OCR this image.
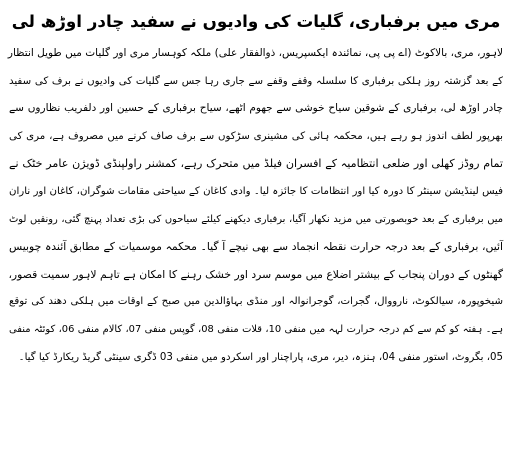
مری میں برفباری، گلیات کی وادیوں نے سفید چادر اوڑھ لی
لاہور، مری، بالاکوٹ (اے پی پی، نمائندہ ایکسپریس، ذوالفقار علی) ملکہ کوہسار مری اور گلیات میں طویل انتظار
کے بعد گزشتہ روز ہلکی برفباری کا سلسلہ وقفے وقفے سے جاری رہا جس سے گلیات کی وادیوں نے برف کی سفید
چادر اوڑھ لی، برفباری کے شوقین سیاح خوشی سے جھوم اٹھے، سیاح برفباری کے حسین اور دلفریب نظاروں سے
بھرپور لطف اندوز ہو رہے ہیں، محکمہ ہائی کی مشینری سڑکوں سے برف صاف کرنے میں مصروف ہے، مری کی
تمام روڈز کھلی اور ضلعی انتظامیہ کے افسران فیلڈ میں متحرک رہے، کمشنر راولپنڈی ڈویژن عامر خٹک نے
فیس لینڈیشن سینٹر کا دورہ کیا اور انتظامات کا جائزہ لیا۔ وادی کاغان کے سیاحتی مقامات شوگران، کاغان اور ناران
میں برفباری کے بعد خوبصورتی میں مزید نکھار آگیا، برفباری دیکھنے کیلئے سیاحوں کی بڑی تعداد پہنچ گئی، رونقیں لوٹ
آئیں، برفباری کے بعد درجہ حرارت نقطہ انجماد سے بھی نیچے آ گیا۔ محکمہ موسمیات کے مطابق آئندہ چوبیس
گھنٹوں کے دوران پنجاب کے بیشتر اضلاع میں موسم سرد اور خشک رہنے کا امکان ہے تاہم لاہور سمیت قصور،
شیخوپورہ، سیالکوٹ، نارووال، گجرات، گوجرانوالہ اور منڈی بہاؤالدین میں صبح کے اوقات میں ہلکی دھند کی توقع
ہے۔ ہفتہ کو کم سے کم درجہ حرارت لہہ میں منفی 10، قلات منفی 08، گوپس منفی 07، کالام منفی 06، کوئٹہ منفی
05، بگروٹ، استور منفی 04، ہنزہ، دیر، مری، پاراچنار اور اسکردو میں منفی 03 ڈگری سینٹی گریڈ ریکارڈ کیا گیا۔
